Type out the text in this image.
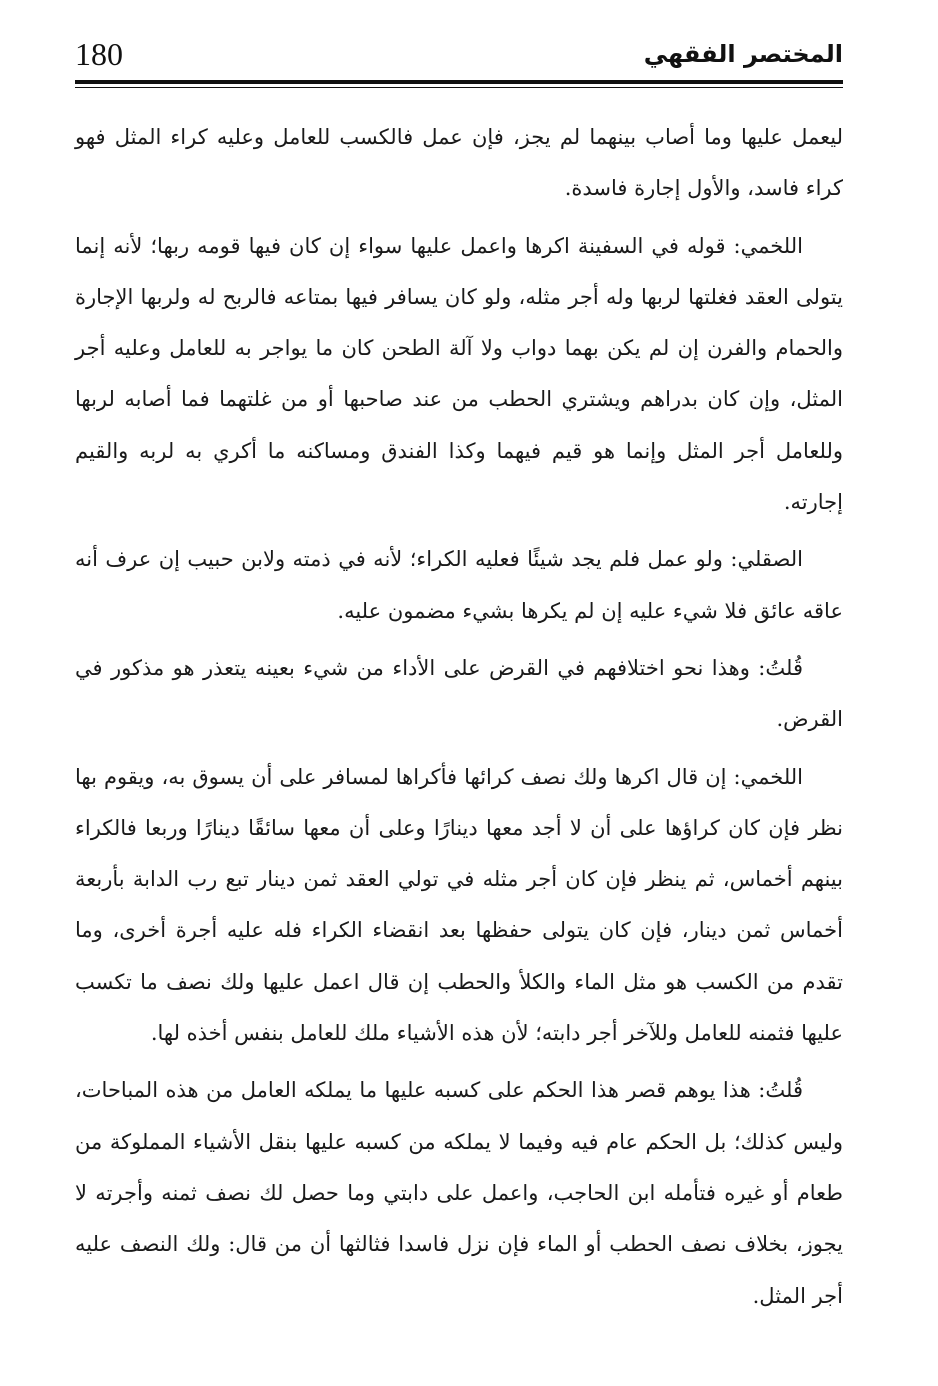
180	المختصر الفقهي

ليعمل عليها وما أصاب بينهما لم يجز، فإن عمل فالكسب للعامل وعليه كراء المثل فهو كراء فاسد، والأول إجارة فاسدة.

اللخمي: قوله في السفينة اكرها واعمل عليها سواء إن كان فيها قومه ربها؛ لأنه إنما يتولى العقد فغلتها لربها وله أجر مثله، ولو كان يسافر فيها بمتاعه فالربح له ولربها الإجارة والحمام والفرن إن لم يكن بهما دواب ولا آلة الطحن كان ما يواجر به للعامل وعليه أجر المثل، وإن كان بدراهم ويشتري الحطب من عند صاحبها أو من غلتهما فما أصابه لربها وللعامل أجر المثل وإنما هو قيم فيهما وكذا الفندق ومساكنه ما أكري به لربه والقيم إجارته.

الصقلي: ولو عمل فلم يجد شيئًا فعليه الكراء؛ لأنه في ذمته ولابن حبيب إن عرف أنه عاقه عائق فلا شيء عليه إن لم يكرها بشيء مضمون عليه.

قُلتُ: وهذا نحو اختلافهم في القرض على الأداء من شيء بعينه يتعذر هو مذكور في القرض.

اللخمي: إن قال اكرها ولك نصف كرائها فأكراها لمسافر على أن يسوق به، ويقوم بها نظر فإن كان كراؤها على أن لا أجد معها دينارًا وعلى أن معها سائقًا دينارًا وربعا فالكراء بينهم أخماس، ثم ينظر فإن كان أجر مثله في تولي العقد ثمن دينار تبع رب الدابة بأربعة أخماس ثمن دينار، فإن كان يتولى حفظها بعد انقضاء الكراء فله عليه أجرة أخرى، وما تقدم من الكسب هو مثل الماء والكلأ والحطب إن قال اعمل عليها ولك نصف ما تكسب عليها فثمنه للعامل وللآخر أجر دابته؛ لأن هذه الأشياء ملك للعامل بنفس أخذه لها.

قُلتُ: هذا يوهم قصر هذا الحكم على كسبه عليها ما يملكه العامل من هذه المباحات، وليس كذلك؛ بل الحكم عام فيه وفيما لا يملكه من كسبه عليها بنقل الأشياء المملوكة من طعام أو غيره فتأمله ابن الحاجب، واعمل على دابتي وما حصل لك نصف ثمنه وأجرته لا يجوز، بخلاف نصف الحطب أو الماء فإن نزل فاسدا فثالثها أن من قال: ولك النصف عليه أجر المثل.
